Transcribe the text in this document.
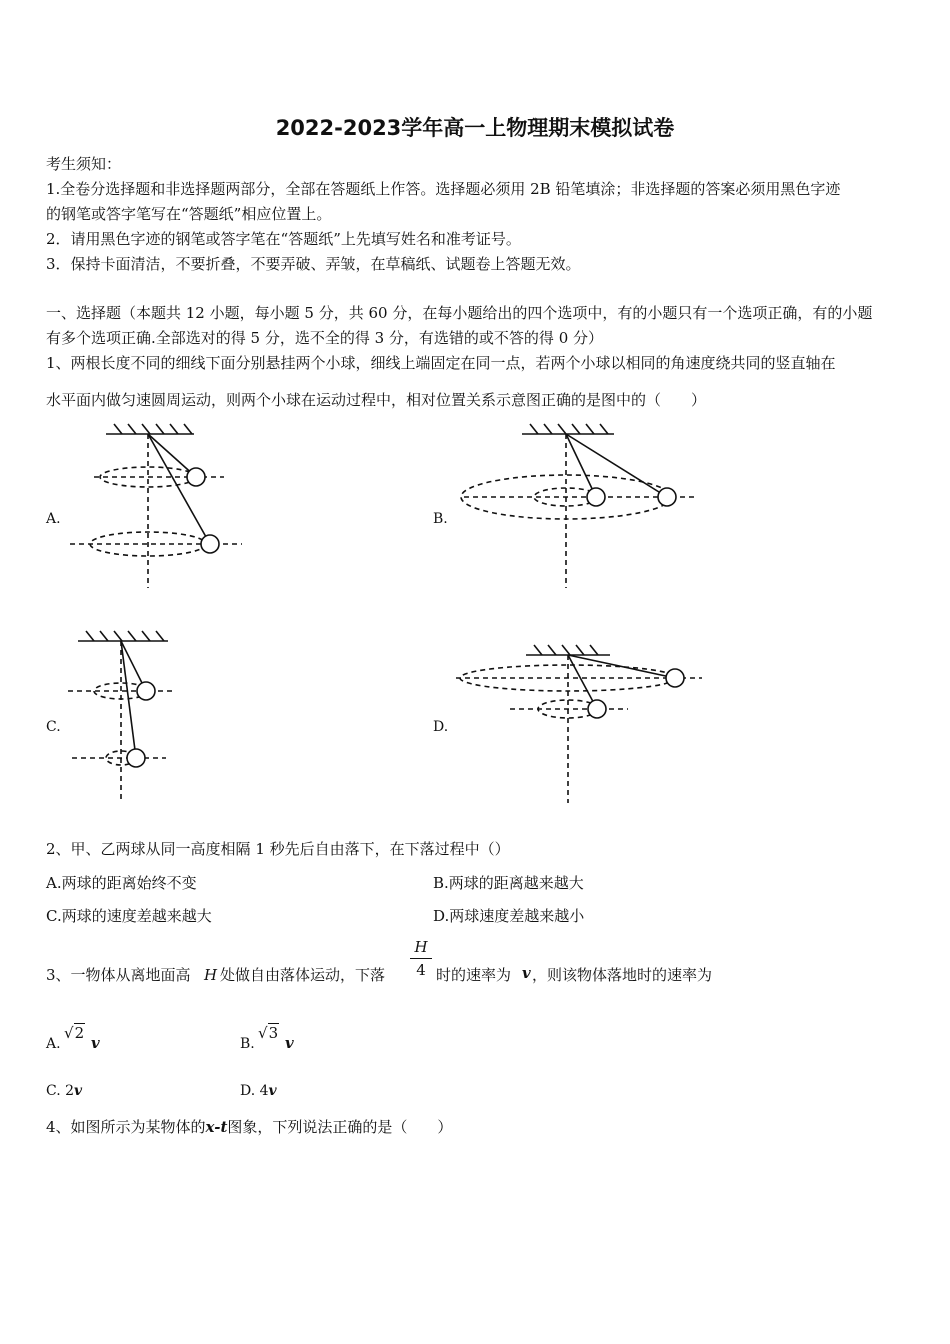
2022-2023学年高一上物理期末模拟试卷
考生须知：
1.全卷分选择题和非选择题两部分，全部在答题纸上作答。选择题必须用 2B 铅笔填涂；非选择题的答案必须用黑色字迹
的钢笔或答字笔写在“答题纸”相应位置上。
2．请用黑色字迹的钢笔或答字笔在“答题纸”上先填写姓名和准考证号。
3．保持卡面清洁，不要折叠，不要弄破、弄皱，在草稿纸、试题卷上答题无效。
一、选择题（本题共 12 小题，每小题 5 分，共 60 分，在每小题给出的四个选项中，有的小题只有一个选项正确，有的小题
有多个选项正确.全部选对的得 5 分，选不全的得 3 分，有选错的或不答的得 0 分）
1、两根长度不同的细线下面分别悬挂两个小球，细线上端固定在同一点，若两个小球以相同的角速度绕共同的竖直轴在
水平面内做匀速圆周运动，则两个小球在运动过程中，相对位置关系示意图正确的是图中的（　　）
A.	B.
C.	D.
2、甲、乙两球从同一高度相隔 1 秒先后自由落下，在下落过程中（）
A.两球的距离始终不变	B.两球的距离越来越大
C.两球的速度差越来越大	D.两球速度差越来越小
3、一物体从离地面高 H 处做自由落体运动，下落
H
4 时的速率为 v ，则该物体落地时的速率为
A.
√2
v	B.
√3
v
C. 2v	D. 4v
4、如图所示为某物体的x-t图象，下列说法正确的是（　　）
